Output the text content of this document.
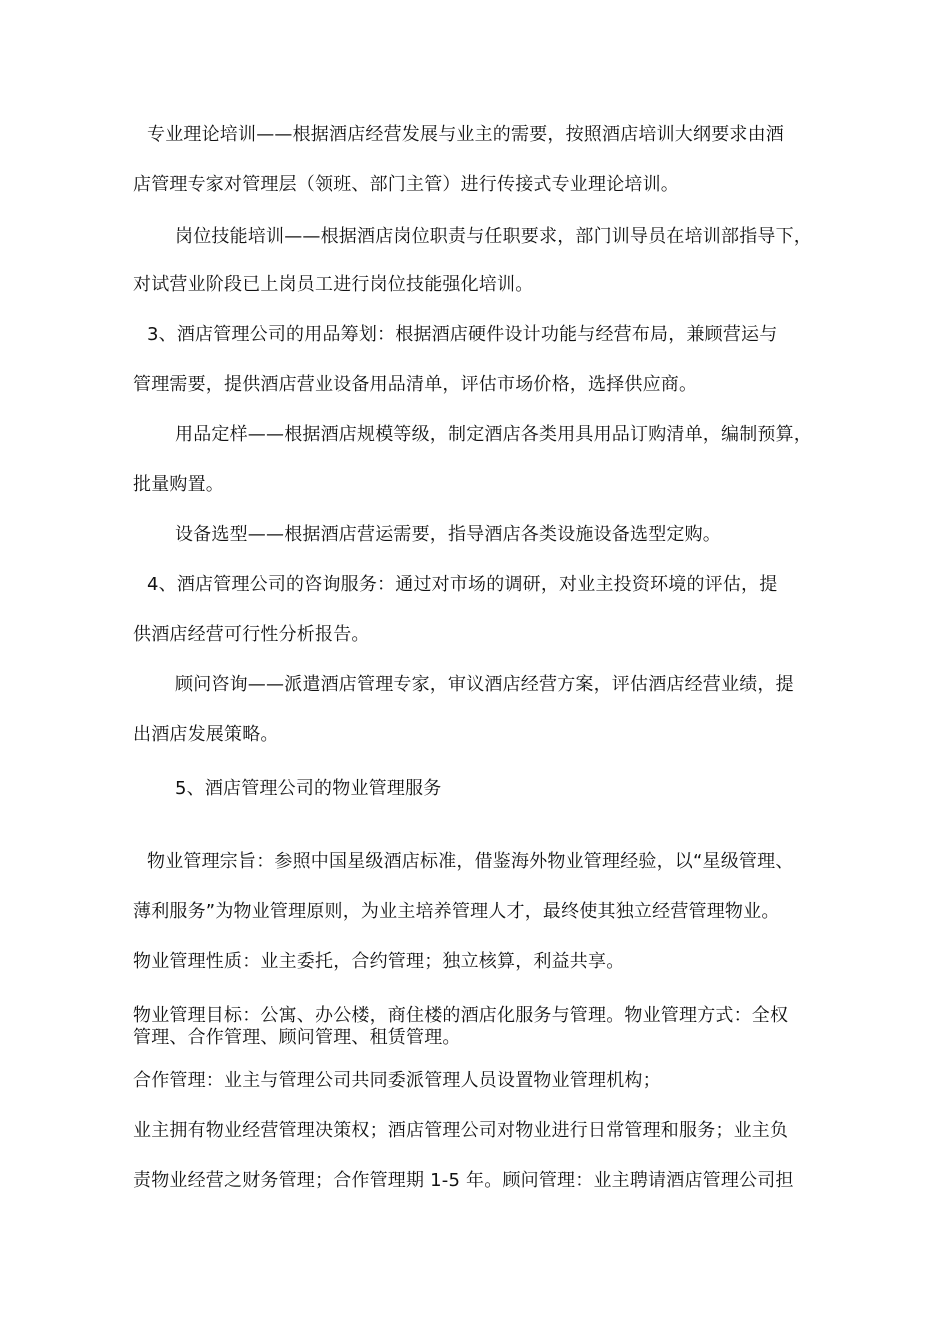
专业理论培训——根据酒店经营发展与业主的需要，按照酒店培训大纲要求由酒
店管理专家对管理层（领班、部门主管）进行传接式专业理论培训。
岗位技能培训——根据酒店岗位职责与任职要求，部门训导员在培训部指导下，
对试营业阶段已上岗员工进行岗位技能强化培训。
3、酒店管理公司的用品筹划：根据酒店硬件设计功能与经营布局，兼顾营运与
管理需要，提供酒店营业设备用品清单，评估市场价格，选择供应商。
用品定样——根据酒店规模等级，制定酒店各类用具用品订购清单，编制预算，
批量购置。
设备选型——根据酒店营运需要，指导酒店各类设施设备选型定购。
4、酒店管理公司的咨询服务：通过对市场的调研，对业主投资环境的评估，提
供酒店经营可行性分析报告。
顾问咨询——派遣酒店管理专家，审议酒店经营方案，评估酒店经营业绩，提
出酒店发展策略。
5、酒店管理公司的物业管理服务
物业管理宗旨：参照中国星级酒店标准，借鉴海外物业管理经验，以“星级管理、
薄利服务”为物业管理原则，为业主培养管理人才，最终使其独立经营管理物业。
物业管理性质：业主委托，合约管理；独立核算，利益共享。
物业管理目标：公寓、办公楼，商住楼的酒店化服务与管理。物业管理方式：全权
管理、合作管理、顾问管理、租赁管理。
合作管理：业主与管理公司共同委派管理人员设置物业管理机构；
业主拥有物业经营管理决策权；酒店管理公司对物业进行日常管理和服务；业主负
责物业经营之财务管理；合作管理期 1-5 年。顾问管理：业主聘请酒店管理公司担
